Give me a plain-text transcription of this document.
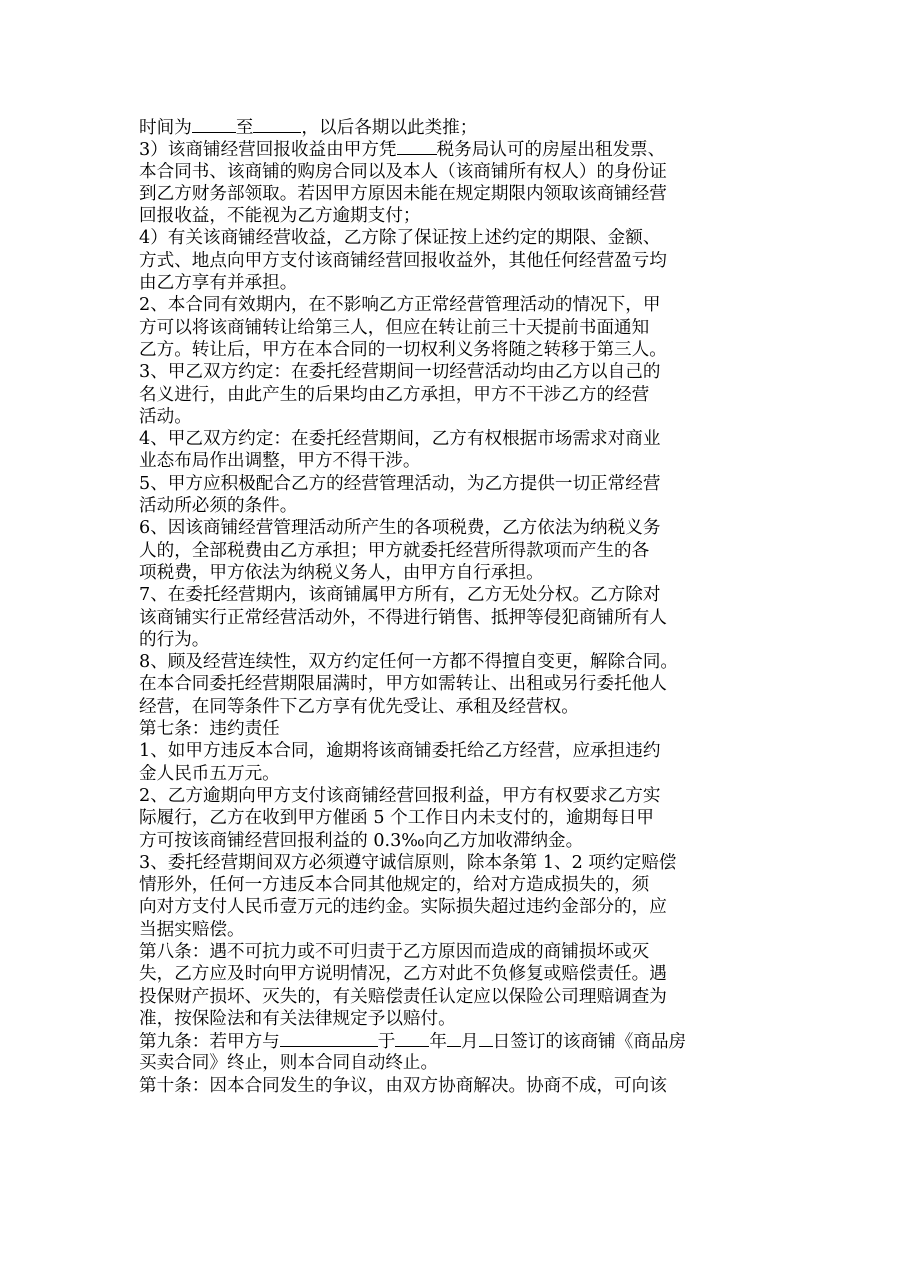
时间为	至	，以后各期以此类推；
3）该商铺经营回报收益由甲方凭 税务局认可的房屋出租发票、
本合同书、该商铺的购房合同以及本人（该商铺所有权人）的身份证
到乙方财务部领取。若因甲方原因未能在规定期限内领取该商铺经营
回报收益，不能视为乙方逾期支付；
4）有关该商铺经营收益，乙方除了保证按上述约定的期限、金额、
方式、地点向甲方支付该商铺经营回报收益外，其他任何经营盈亏均
由乙方享有并承担。
2、本合同有效期内，在不影响乙方正常经营管理活动的情况下，甲
方可以将该商铺转让给第三人，但应在转让前三十天提前书面通知
乙方。转让后，甲方在本合同的一切权利义务将随之转移于第三人。
3、甲乙双方约定：在委托经营期间一切经营活动均由乙方以自己的
名义进行，由此产生的后果均由乙方承担，甲方不干涉乙方的经营
活动。
4、甲乙双方约定：在委托经营期间，乙方有权根据市场需求对商业
业态布局作出调整，甲方不得干涉。
5、甲方应积极配合乙方的经营管理活动，为乙方提供一切正常经营
活动所必须的条件。
6、因该商铺经营管理活动所产生的各项税费，乙方依法为纳税义务
人的，全部税费由乙方承担；甲方就委托经营所得款项而产生的各
项税费，甲方依法为纳税义务人，由甲方自行承担。
7、在委托经营期内，该商铺属甲方所有，乙方无处分权。乙方除对
该商铺实行正常经营活动外，不得进行销售、抵押等侵犯商铺所有人
的行为。
8、顾及经营连续性，双方约定任何一方都不得擅自变更，解除合同。
在本合同委托经营期限届满时，甲方如需转让、出租或另行委托他人
经营，在同等条件下乙方享有优先受让、承租及经营权。
第七条：违约责任
1、如甲方违反本合同，逾期将该商铺委托给乙方经营，应承担违约
金人民币五万元。
2、乙方逾期向甲方支付该商铺经营回报利益，甲方有权要求乙方实
际履行，乙方在收到甲方催函 5 个工作日内未支付的，逾期每日甲
方可按该商铺经营回报利益的 0.3‰向乙方加收滞纳金。
3、委托经营期间双方必须遵守诚信原则，除本条第 1、2 项约定赔偿
情形外，任何一方违反本合同其他规定的，给对方造成损失的，须
向对方支付人民币壹万元的违约金。实际损失超过违约金部分的，应
当据实赔偿。
第八条：遇不可抗力或不可归责于乙方原因而造成的商铺损坏或灭
失，乙方应及时向甲方说明情况，乙方对此不负修复或赔偿责任。遇
投保财产损坏、灭失的，有关赔偿责任认定应以保险公司理赔调查为
准，按保险法和有关法律规定予以赔付。
第九条：若甲方与	于 年 月 日签订的该商铺《商品房
买卖合同》终止，则本合同自动终止。
第十条：因本合同发生的争议，由双方协商解决。协商不成，可向该
